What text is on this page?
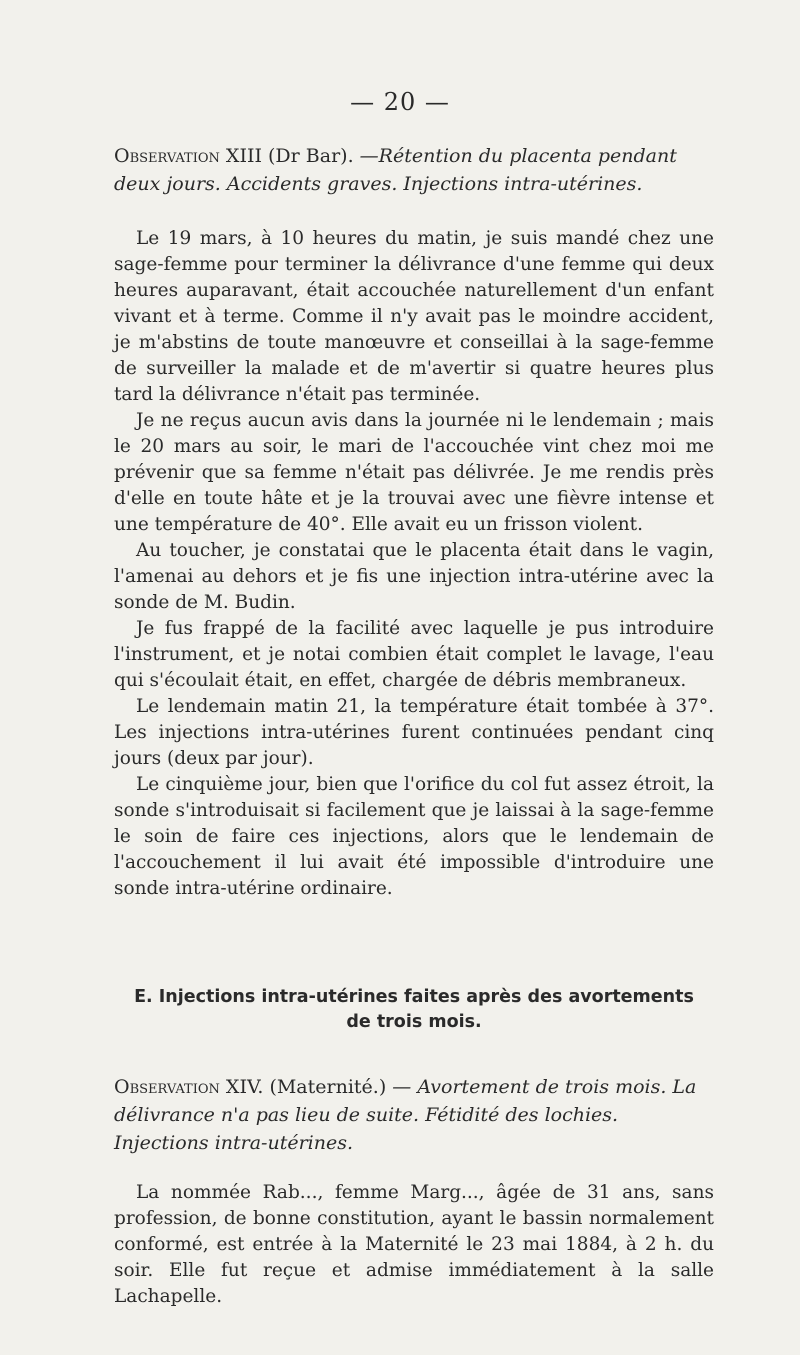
— 20 —

Observation XIII (Dr Bar). —Rétention du placenta pendant deux jours. Accidents graves. Injections intra-utérines.

Le 19 mars, à 10 heures du matin, je suis mandé chez une sage-femme pour terminer la délivrance d'une femme qui deux heures auparavant, était accouchée naturellement d'un enfant vivant et à terme. Comme il n'y avait pas le moindre accident, je m'abstins de toute manœuvre et conseillai à la sage-femme de surveiller la malade et de m'avertir si quatre heures plus tard la délivrance n'était pas terminée.

Je ne reçus aucun avis dans la journée ni le lendemain ; mais le 20 mars au soir, le mari de l'accouchée vint chez moi me prévenir que sa femme n'était pas délivrée. Je me rendis près d'elle en toute hâte et je la trouvai avec une fièvre intense et une température de 40°. Elle avait eu un frisson violent.

Au toucher, je constatai que le placenta était dans le vagin, l'amenai au dehors et je fis une injection intra-utérine avec la sonde de M. Budin.

Je fus frappé de la facilité avec laquelle je pus introduire l'instrument, et je notai combien était complet le lavage, l'eau qui s'écoulait était, en effet, chargée de débris membraneux.

Le lendemain matin 21, la température était tombée à 37°. Les injections intra-utérines furent continuées pendant cinq jours (deux par jour).

Le cinquième jour, bien que l'orifice du col fut assez étroit, la sonde s'introduisait si facilement que je laissai à la sage-femme le soin de faire ces injections, alors que le lendemain de l'accouchement il lui avait été impossible d'introduire une sonde intra-utérine ordinaire.

E. Injections intra-utérines faites après des avortements
de trois mois.

Observation XIV. (Maternité.) — Avortement de trois mois. La délivrance n'a pas lieu de suite. Fétidité des lochies. Injections intra-utérines.

La nommée Rab..., femme Marg..., âgée de 31 ans, sans profession, de bonne constitution, ayant le bassin normalement conformé, est entrée à la Maternité le 23 mai 1884, à 2 h. du soir. Elle fut reçue et admise immédiatement à la salle Lachapelle.
